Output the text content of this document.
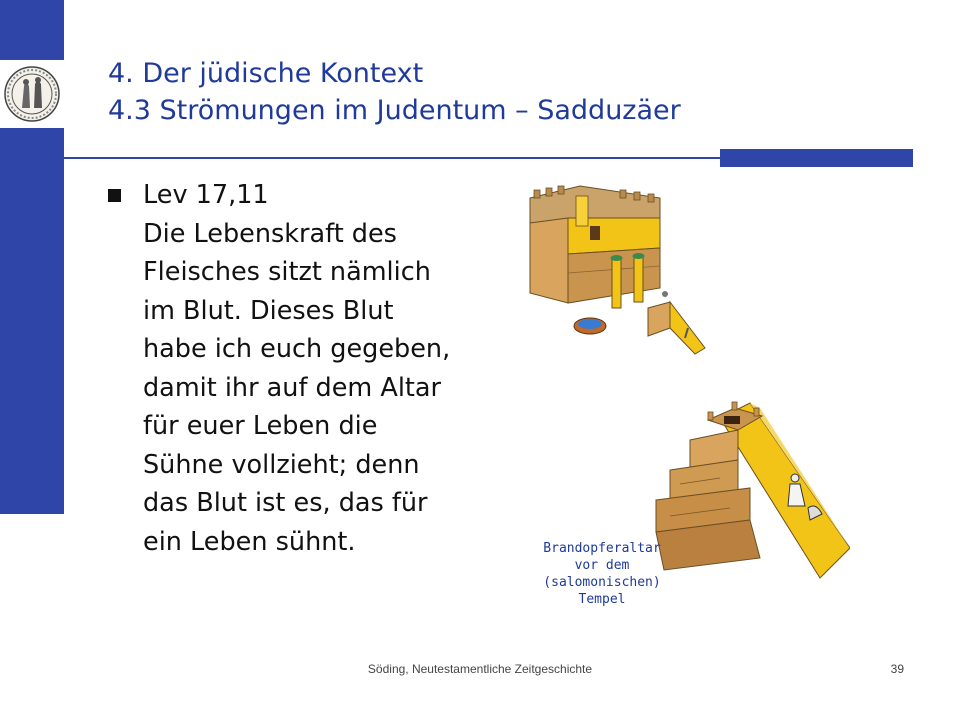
4. Der jüdische Kontext
4.3 Strömungen im Judentum – Sadduzäer
Lev 17,11
Die Lebenskraft des
Fleisches sitzt nämlich
im Blut. Dieses Blut
habe ich euch gegeben,
damit ihr auf dem Altar
für euer Leben die
Sühne vollzieht; denn
das Blut ist es, das für
ein Leben sühnt.	Brandopferaltar
vor dem
(salomonischen)
Tempel
Söding, Neutestamentliche Zeitgeschichte	39
